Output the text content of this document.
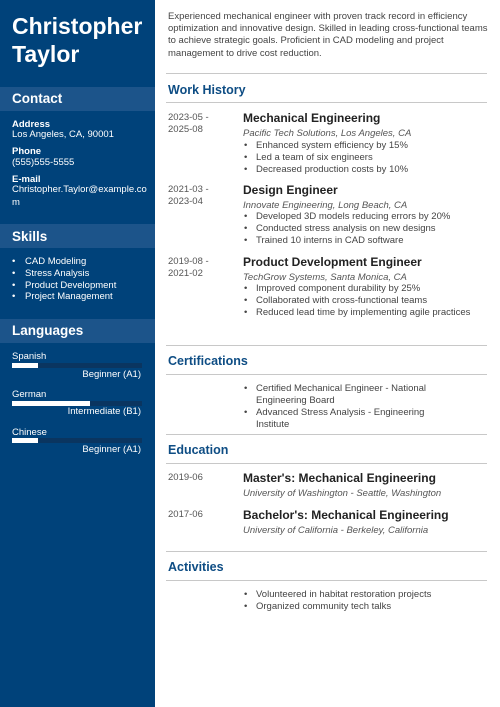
Christopher Taylor
Contact
Address
Los Angeles, CA, 90001
Phone
(555)555-5555
E-mail
Christopher.Taylor@example.com
Skills
• CAD Modeling
• Stress Analysis
• Product Development
• Project Management
Languages
Spanish
Beginner (A1)
German
Intermediate (B1)
Chinese
Beginner (A1)
Experienced mechanical engineer with proven track record in efficiency optimization and innovative design. Skilled in leading cross-functional teams to achieve strategic goals. Proficient in CAD modeling and project management to drive cost reduction.
Work History
2023-05 -
2025-08
Mechanical Engineering
Pacific Tech Solutions, Los Angeles, CA
• Enhanced system efficiency by 15%
• Led a team of six engineers
• Decreased production costs by 10%
2021-03 -
2023-04
Design Engineer
Innovate Engineering, Long Beach, CA
• Developed 3D models reducing errors by 20%
• Conducted stress analysis on new designs
• Trained 10 interns in CAD software
2019-08 -
2021-02
Product Development Engineer
TechGrow Systems, Santa Monica, CA
• Improved component durability by 25%
• Collaborated with cross-functional teams
• Reduced lead time by implementing agile practices
Certifications
• Certified Mechanical Engineer - National Engineering Board
• Advanced Stress Analysis - Engineering Institute
Education
2019-06	Master's: Mechanical Engineering
University of Washington - Seattle, Washington
2017-06	Bachelor's: Mechanical Engineering
University of California - Berkeley, California
Activities
• Volunteered in habitat restoration projects
• Organized community tech talks
